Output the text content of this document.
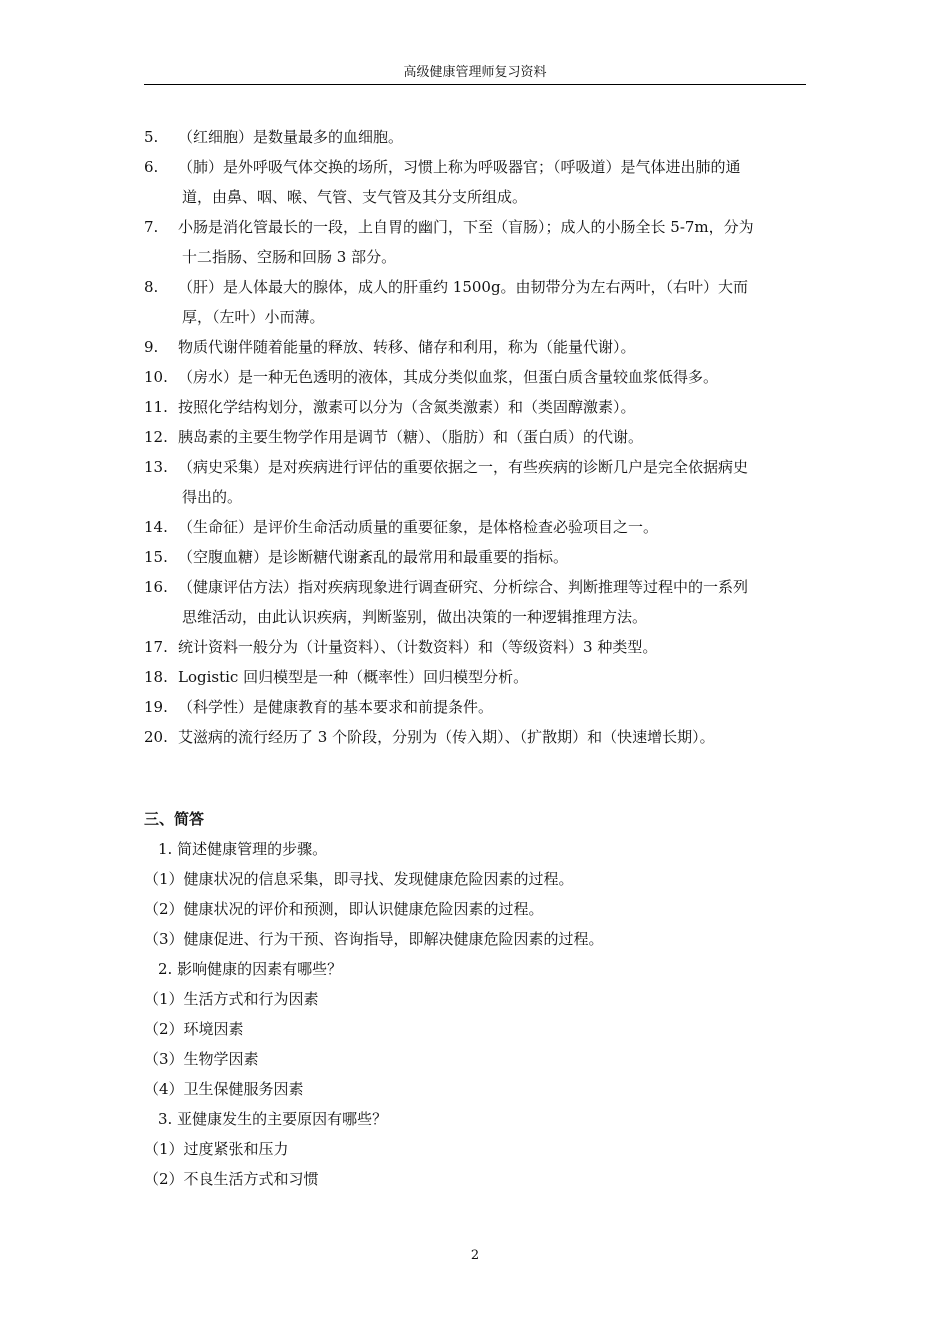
高级健康管理师复习资料
5. （红细胞）是数量最多的血细胞。
6. （肺）是外呼吸气体交换的场所，习惯上称为呼吸器官；（呼吸道）是气体进出肺的通
道，由鼻、咽、喉、气管、支气管及其分支所组成。
7. 小肠是消化管最长的一段，上自胃的幽门，下至（盲肠）；成人的小肠全长 5-7m，分为
十二指肠、空肠和回肠 3 部分。
8. （肝）是人体最大的腺体，成人的肝重约 1500g。由韧带分为左右两叶，（右叶）大而
厚，（左叶）小而薄。
9. 物质代谢伴随着能量的释放、转移、储存和利用，称为（能量代谢）。
10. （房水）是一种无色透明的液体，其成分类似血浆，但蛋白质含量较血浆低得多。
11. 按照化学结构划分，激素可以分为（含氮类激素）和（类固醇激素）。
12. 胰岛素的主要生物学作用是调节（糖）、（脂肪）和（蛋白质）的代谢。
13. （病史采集）是对疾病进行评估的重要依据之一，有些疾病的诊断几户是完全依据病史
得出的。
14. （生命征）是评价生命活动质量的重要征象，是体格检查必验项目之一。
15. （空腹血糖）是诊断糖代谢紊乱的最常用和最重要的指标。
16. （健康评估方法）指对疾病现象进行调查研究、分析综合、判断推理等过程中的一系列
思维活动，由此认识疾病，判断鉴别，做出决策的一种逻辑推理方法。
17. 统计资料一般分为（计量资料）、（计数资料）和（等级资料）3 种类型。
18. Logistic 回归模型是一种（概率性）回归模型分析。
19. （科学性）是健康教育的基本要求和前提条件。
20. 艾滋病的流行经历了 3 个阶段，分别为（传入期）、（扩散期）和（快速增长期）。
三、简答
1. 简述健康管理的步骤。
（1）健康状况的信息采集，即寻找、发现健康危险因素的过程。
（2）健康状况的评价和预测，即认识健康危险因素的过程。
（3）健康促进、行为干预、咨询指导，即解决健康危险因素的过程。
2. 影响健康的因素有哪些？
（1）生活方式和行为因素
（2）环境因素
（3）生物学因素
（4）卫生保健服务因素
3. 亚健康发生的主要原因有哪些？
（1）过度紧张和压力
（2）不良生活方式和习惯
2
